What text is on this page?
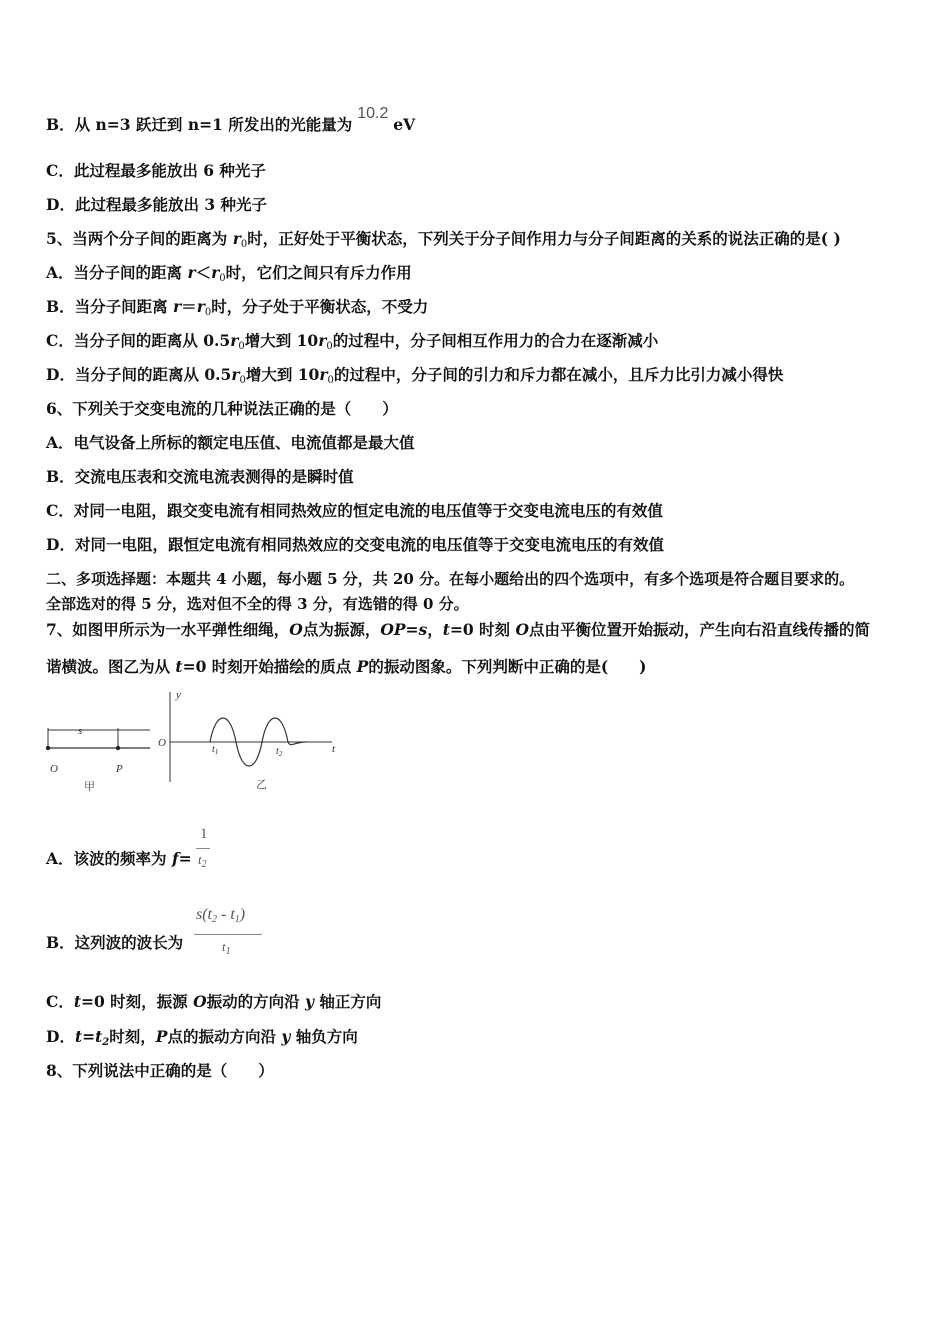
B．从 n=3 跃迁到 n=1 所发出的光能量为 10.2 eV
C．此过程最多能放出 6 种光子
D．此过程最多能放出 3 种光子
5、当两个分子间的距离为 $r_0$时，正好处于平衡状态，下列关于分子间作用力与分子间距离的关系的说法正确的是( )
A．当分子间的距离 $r<r_0$时，它们之间只有斥力作用
B．当分子间距离 $r=r_0$时，分子处于平衡状态，不受力
C．当分子间的距离从 $0.5r_0$增大到 $10r_0$的过程中，分子间相互作用力的合力在逐渐减小
D．当分子间的距离从 $0.5r_0$增大到 $10r_0$的过程中，分子间的引力和斥力都在减小，且斥力比引力减小得快
6、下列关于交变电流的几种说法正确的是（　　）
A．电气设备上所标的额定电压值、电流值都是最大值
B．交流电压表和交流电流表测得的是瞬时值
C．对同一电阻，跟交变电流有相同热效应的恒定电流的电压值等于交变电流电压的有效值
D．对同一电阻，跟恒定电流有相同热效应的交变电流的电压值等于交变电流电压的有效值
二、多项选择题：本题共 4 小题，每小题 5 分，共 20 分。在每小题给出的四个选项中，有多个选项是符合题目要求的。
全部选对的得 5 分，选对但不全的得 3 分，有选错的得 0 分。
7、如图甲所示为一水平弹性细绳，O点为振源，OP=s，t=0 时刻 O点由平衡位置开始振动，产生向右沿直线传播的简
谐横波。图乙为从 t=0 时刻开始描绘的质点 P的振动图象。下列判断中正确的是(　　)
s
O	P
甲
y
O	t
$t_1$	$t_2$
乙
A．该波的频率为 f=
1
$t_2$
B．这列波的波长为
$s(t_2 - t_1)$
$t_1$
C．t=0 时刻，振源 O振动的方向沿 y 轴正方向
D．$t=t_2$时刻，P点的振动方向沿 y 轴负方向
8、下列说法中正确的是（　　）
